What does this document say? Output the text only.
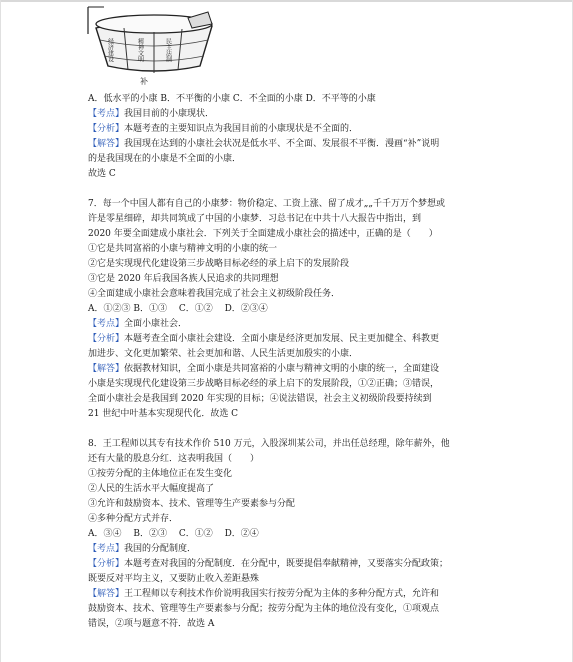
经济建设	精神文明	民主法制
补
A．低水平的小康 B．不平衡的小康 C．不全面的小康 D．不平等的小康
【考点】我国目前的小康现状．
【分析】本题考查的主要知识点为我国目前的小康现状是不全面的．
【解答】我国现在达到的小康社会状况是低水平、不全面、发展很不平衡．漫画“补”说明
的是我国现在的小康是不全面的小康．
故选 C
7．每一个中国人都有自己的小康梦：物价稳定、工资上涨、留了成才„„千千万万个梦想或
许是零星细碎，却共同筑成了中国的小康梦．习总书记在中共十八大报告中指出，到
2020 年要全面建成小康社会．下列关于全面建成小康社会的描述中，正确的是（　　）
①它是共同富裕的小康与精神文明的小康的统一
②它是实现现代化建设第三步战略目标必经的承上启下的发展阶段
③它是 2020 年后我国各族人民追求的共同理想
④全面建成小康社会意味着我国完成了社会主义初级阶段任务．
A．①②③ B．①③　 C．①②　 D．②③④
【考点】全面小康社会．
【分析】本题考查全面小康社会建设．全面小康是经济更加发展、民主更加健全、科教更
加进步、文化更加繁荣、社会更加和谐、人民生活更加殷实的小康．
【解答】依据教材知识，全面小康是共同富裕的小康与精神文明的小康的统一，全面建设
小康是实现现代化建设第三步战略目标必经的承上启下的发展阶段，①②正确；③错误，
全面小康社会是我国到 2020 年实现的目标；④说法错误，社会主义初级阶段要持续到
21 世纪中叶基本实现现代化．故选 C
8．王工程师以其专有技术作价 510 万元，入股深圳某公司，并出任总经理，除年薪外，他
还有大量的股息分红．这表明我国（　　）
①按劳分配的主体地位正在发生变化
②人民的生活水平大幅度提高了
③允许和鼓励资本、技术、管理等生产要素参与分配
④多种分配方式并存．
A．③④　 B．②③　 C．①②　 D．②④
【考点】我国的分配制度．
【分析】本题考查对我国的分配制度．在分配中，既要提倡奉献精神，又要落实分配政策；
既要反对平均主义，又要防止收入差距悬殊
【解答】王工程师以专利技术作价说明我国实行按劳分配为主体的多种分配方式，允许和
鼓励资本、技术、管理等生产要素参与分配；按劳分配为主体的地位没有变化，①项观点
错误，②项与题意不符．故选 A
